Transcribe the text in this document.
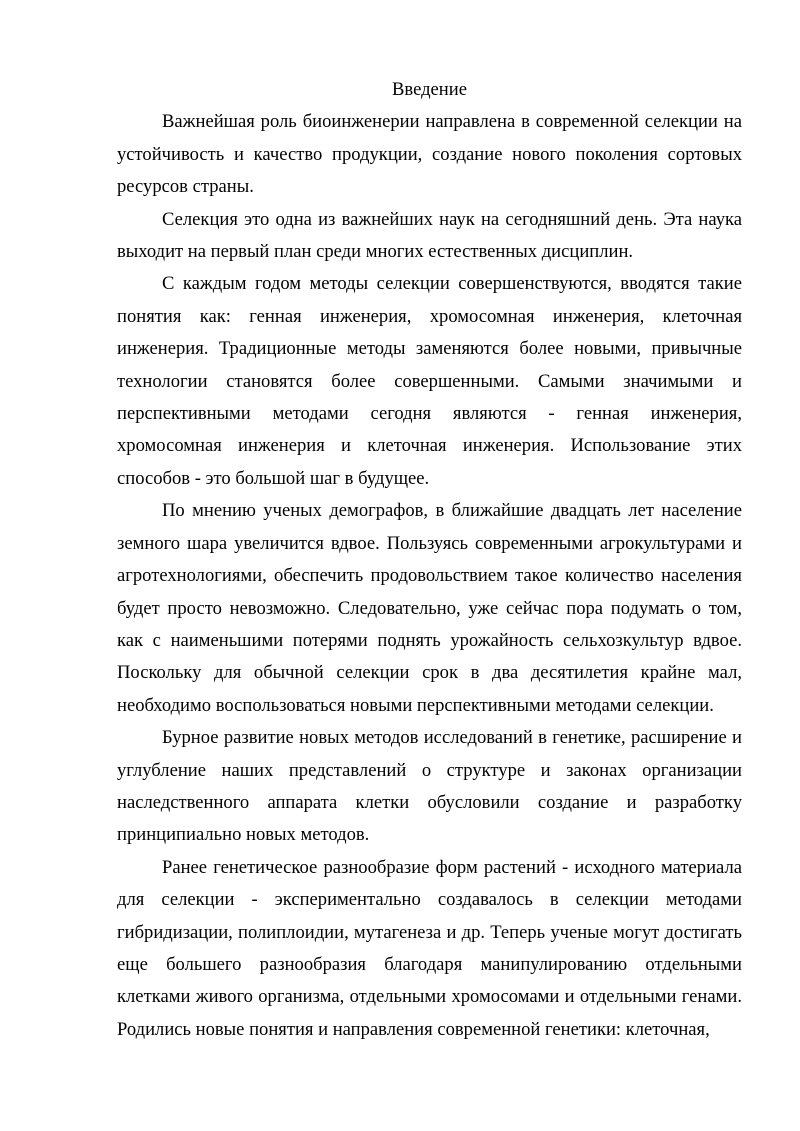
Введение

Важнейшая роль биоинженерии направлена в современной селекции на устойчивость и качество продукции, создание нового поколения сортовых ресурсов страны.

Селекция это одна из важнейших наук на сегодняшний день. Эта наука выходит на первый план среди многих естественных дисциплин.

С каждым годом методы селекции совершенствуются, вводятся такие понятия как: генная инженерия, хромосомная инженерия, клеточная инженерия. Традиционные методы заменяются более новыми, привычные технологии становятся более совершенными. Самыми значимыми и перспективными методами сегодня являются - генная инженерия, хромосомная инженерия и клеточная инженерия. Использование этих способов - это большой шаг в будущее.

По мнению ученых демографов, в ближайшие двадцать лет население земного шара увеличится вдвое. Пользуясь современными агрокультурами и агротехнологиями, обеспечить продовольствием такое количество населения будет просто невозможно. Следовательно, уже сейчас пора подумать о том, как с наименьшими потерями поднять урожайность сельхозкультур вдвое. Поскольку для обычной селекции срок в два десятилетия крайне мал, необходимо воспользоваться новыми перспективными методами селекции.

Бурное развитие новых методов исследований в генетике, расширение и углубление наших представлений о структуре и законах организации наследственного аппарата клетки обусловили создание и разработку принципиально новых методов.

Ранее генетическое разнообразие форм растений - исходного материала для селекции - экспериментально создавалось в селекции методами гибридизации, полиплоидии, мутагенеза и др. Теперь ученые могут достигать еще большего разнообразия благодаря манипулированию отдельными клетками живого организма, отдельными хромосомами и отдельными генами. Родились новые понятия и направления современной генетики: клеточная,
